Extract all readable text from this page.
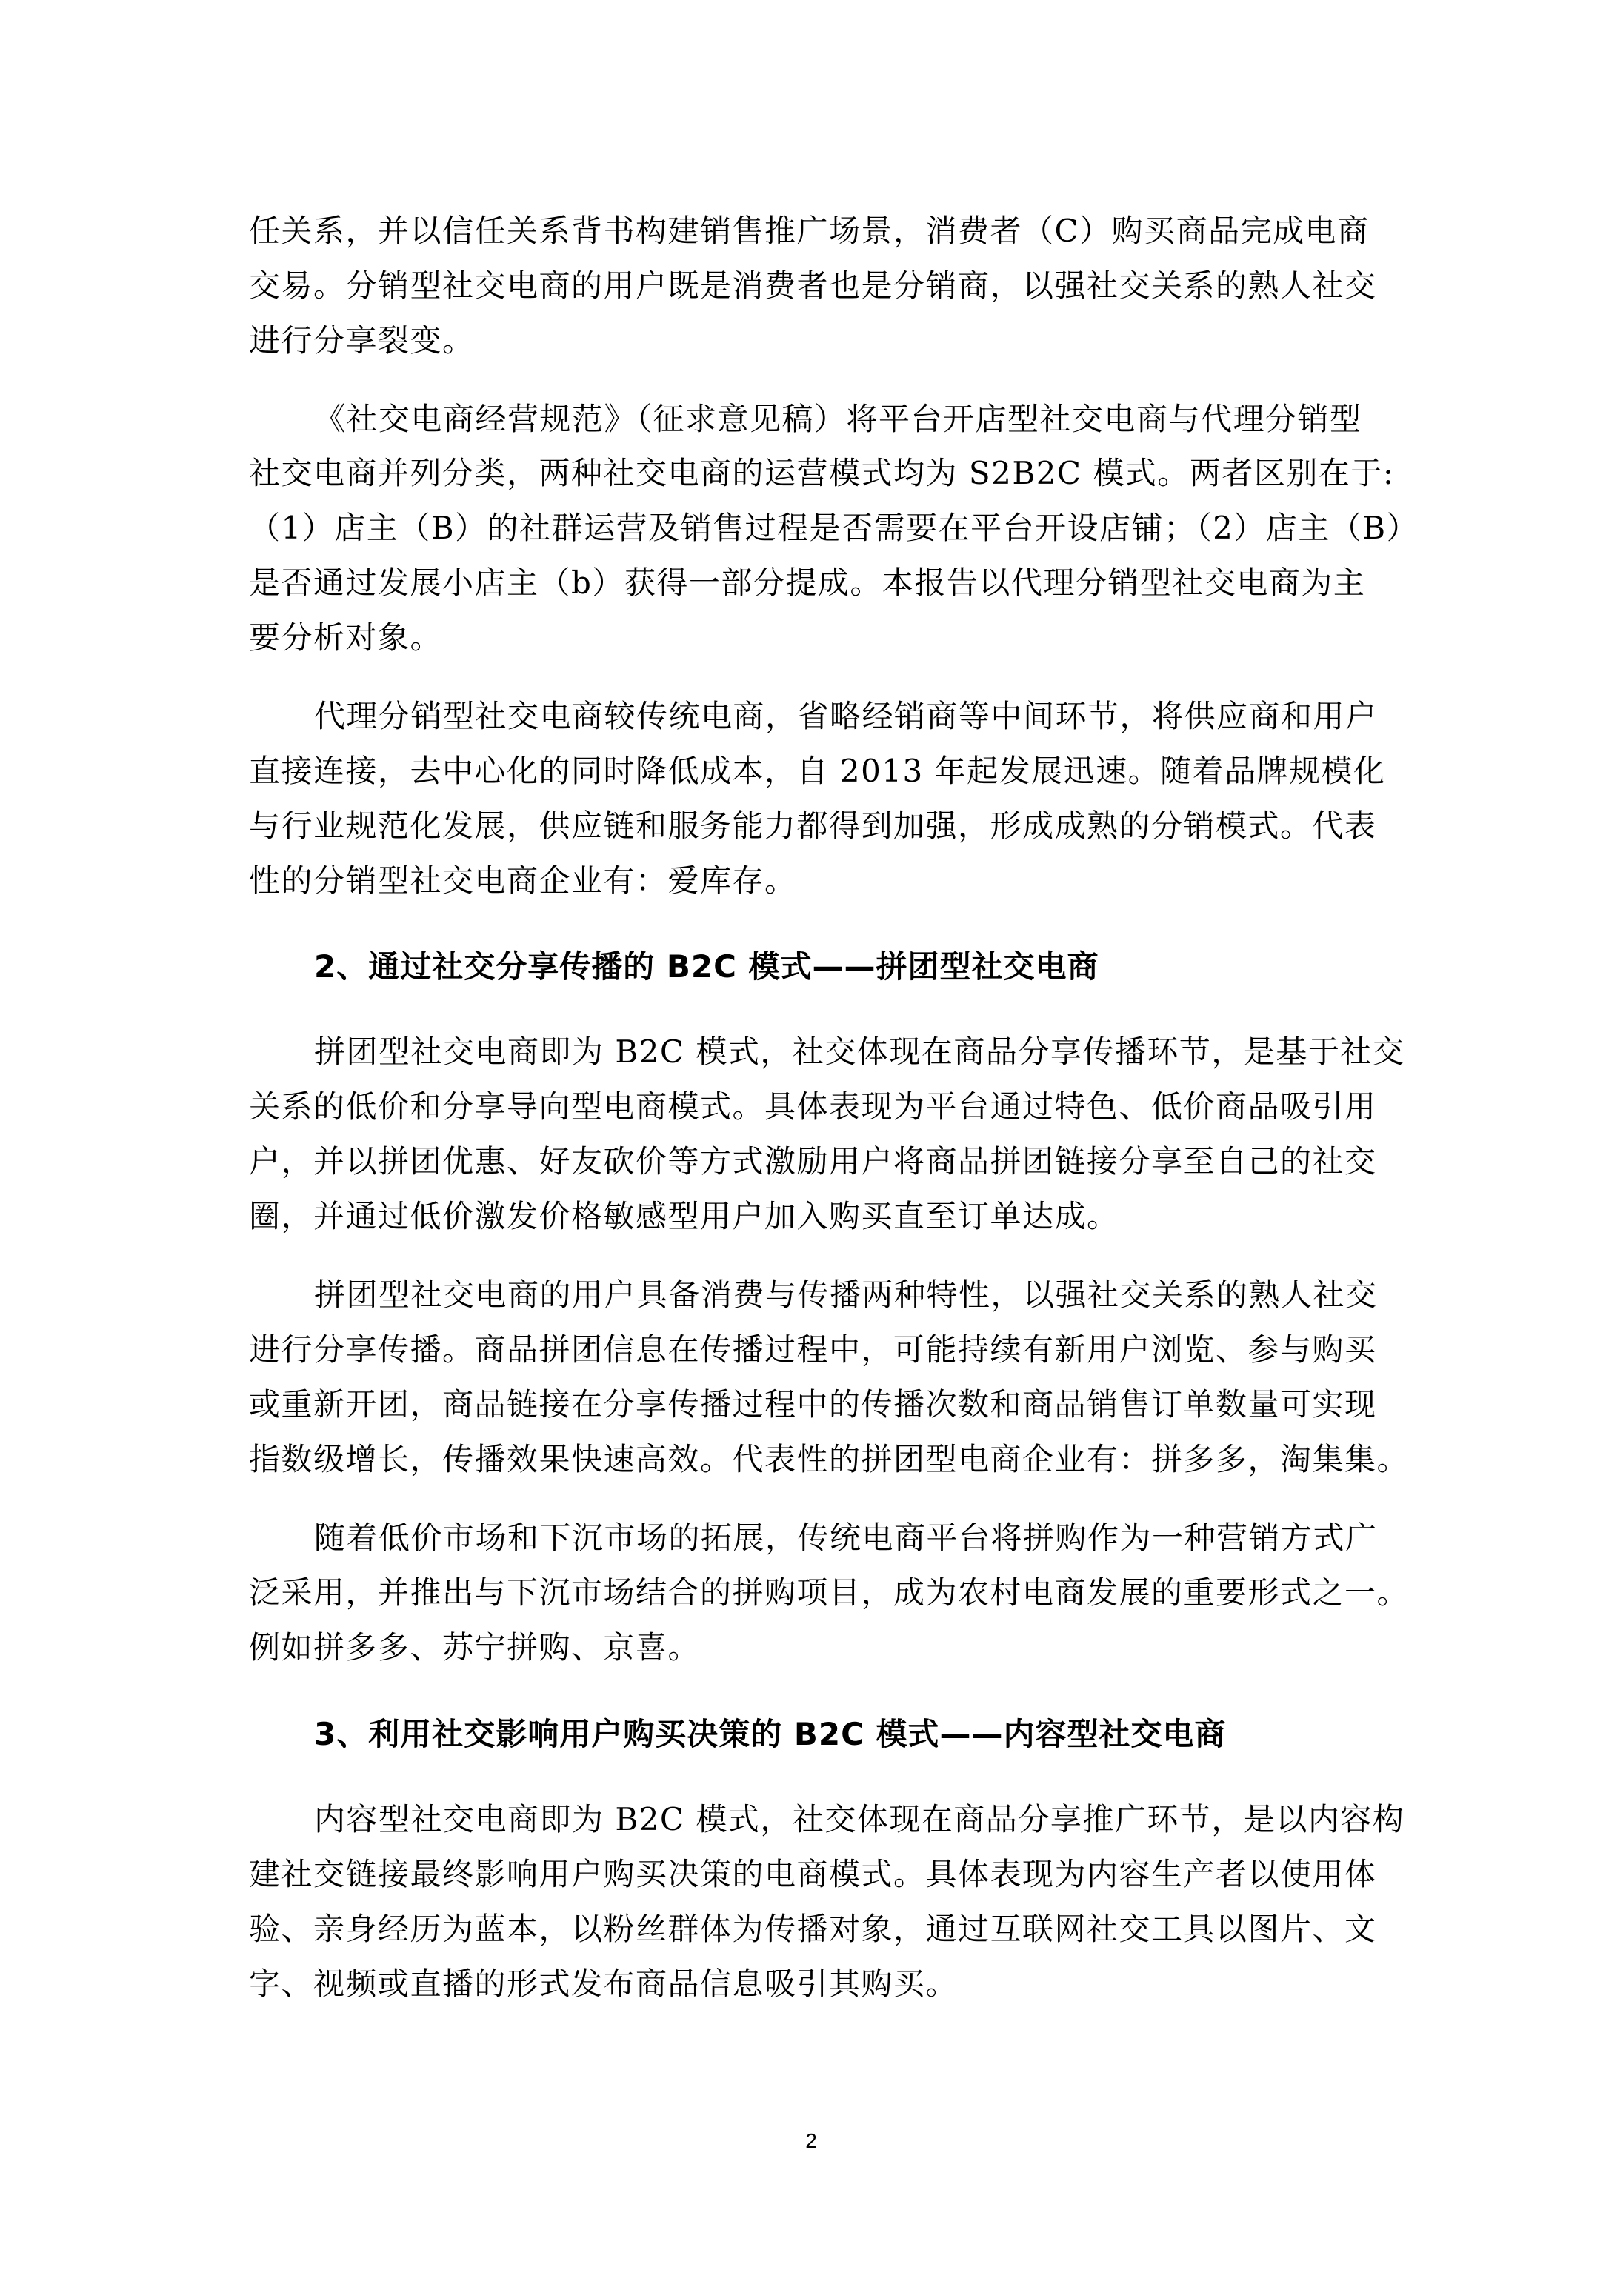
任关系，并以信任关系背书构建销售推广场景，消费者（C）购买商品完成电商
交易。分销型社交电商的用户既是消费者也是分销商，以强社交关系的熟人社交
进行分享裂变。
《社交电商经营规范》（征求意见稿）将平台开店型社交电商与代理分销型
社交电商并列分类，两种社交电商的运营模式均为 S2B2C 模式。两者区别在于:
（1）店主（B）的社群运营及销售过程是否需要在平台开设店铺；（2）店主（B）
是否通过发展小店主（b）获得一部分提成。本报告以代理分销型社交电商为主
要分析对象。
代理分销型社交电商较传统电商，省略经销商等中间环节，将供应商和用户
直接连接，去中心化的同时降低成本，自 2013 年起发展迅速。随着品牌规模化
与行业规范化发展，供应链和服务能力都得到加强，形成成熟的分销模式。代表
性的分销型社交电商企业有：爱库存。
2、通过社交分享传播的 B2C 模式——拼团型社交电商
拼团型社交电商即为 B2C 模式，社交体现在商品分享传播环节，是基于社交
关系的低价和分享导向型电商模式。具体表现为平台通过特色、低价商品吸引用
户，并以拼团优惠、好友砍价等方式激励用户将商品拼团链接分享至自己的社交
圈，并通过低价激发价格敏感型用户加入购买直至订单达成。
拼团型社交电商的用户具备消费与传播两种特性，以强社交关系的熟人社交
进行分享传播。商品拼团信息在传播过程中，可能持续有新用户浏览、参与购买
或重新开团，商品链接在分享传播过程中的传播次数和商品销售订单数量可实现
指数级增长，传播效果快速高效。代表性的拼团型电商企业有：拼多多，淘集集。
随着低价市场和下沉市场的拓展，传统电商平台将拼购作为一种营销方式广
泛采用，并推出与下沉市场结合的拼购项目，成为农村电商发展的重要形式之一。
例如拼多多、苏宁拼购、京喜。
3、利用社交影响用户购买决策的 B2C 模式——内容型社交电商
内容型社交电商即为 B2C 模式，社交体现在商品分享推广环节，是以内容构
建社交链接最终影响用户购买决策的电商模式。具体表现为内容生产者以使用体
验、亲身经历为蓝本，以粉丝群体为传播对象，通过互联网社交工具以图片、文
字、视频或直播的形式发布商品信息吸引其购买。
2
